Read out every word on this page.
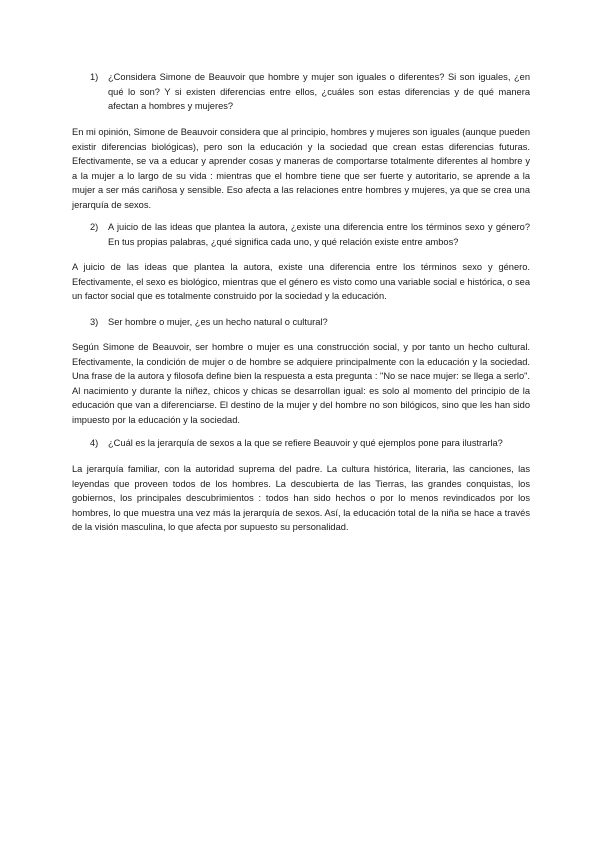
1)	¿Considera Simone de Beauvoir que hombre y mujer son iguales o diferentes? Si son iguales, ¿en qué lo son? Y si existen diferencias entre ellos, ¿cuáles son estas diferencias y de qué manera afectan a hombres y mujeres?

En mi opinión, Simone de Beauvoir considera que al principio, hombres y mujeres son iguales (aunque pueden existir diferencias biológicas), pero son la educación y la sociedad que crean estas diferencias futuras. Efectivamente, se va a educar y aprender cosas y maneras de comportarse totalmente diferentes al hombre y a la mujer a lo largo de su vida : mientras que el hombre tiene que ser fuerte y autoritario, se aprende a la mujer a ser más cariñosa y sensible. Eso afecta a las relaciones entre hombres y mujeres, ya que se crea una jerarquía de sexos.

2)	A juicio de las ideas que plantea la autora, ¿existe una diferencia entre los términos sexo y género? En tus propias palabras, ¿qué significa cada uno, y qué relación existe entre ambos?

A juicio de las ideas que plantea la autora, existe una diferencia entre los términos sexo y género. Efectivamente, el sexo es biológico, mientras que el género es visto como una variable social e histórica, o sea un factor social que es totalmente construido por la sociedad y la educación.

3)	Ser hombre o mujer, ¿es un hecho natural o cultural?

Según Simone de Beauvoir, ser hombre o mujer es una construcción social, y por tanto un hecho cultural. Efectivamente, la condición de mujer o de hombre se adquiere principalmente con la educación y la sociedad. Una frase de la autora y filosofa define bien la respuesta a esta pregunta : "No se nace mujer: se llega a serlo". Al nacimiento y durante la niñez, chicos y chicas se desarrollan igual: es solo al momento del principio de la educación que van a diferenciarse. El destino de la mujer y del hombre no son bilógicos, sino que les han sido impuesto por la educación y la sociedad.

4)	¿Cuál es la jerarquía de sexos a la que se refiere Beauvoir y qué ejemplos pone para ilustrarla?

La jerarquía familiar, con la autoridad suprema del padre. La cultura histórica, literaria, las canciones, las leyendas que proveen todos de los hombres. La descubierta de las Tierras, las grandes conquistas, los gobiernos, los principales descubrimientos : todos han sido hechos o por lo menos revindicados por los hombres, lo que muestra una vez más la jerarquía de sexos. Así, la educación total de la niña se hace a través de la visión masculina, lo que afecta por supuesto su personalidad.
